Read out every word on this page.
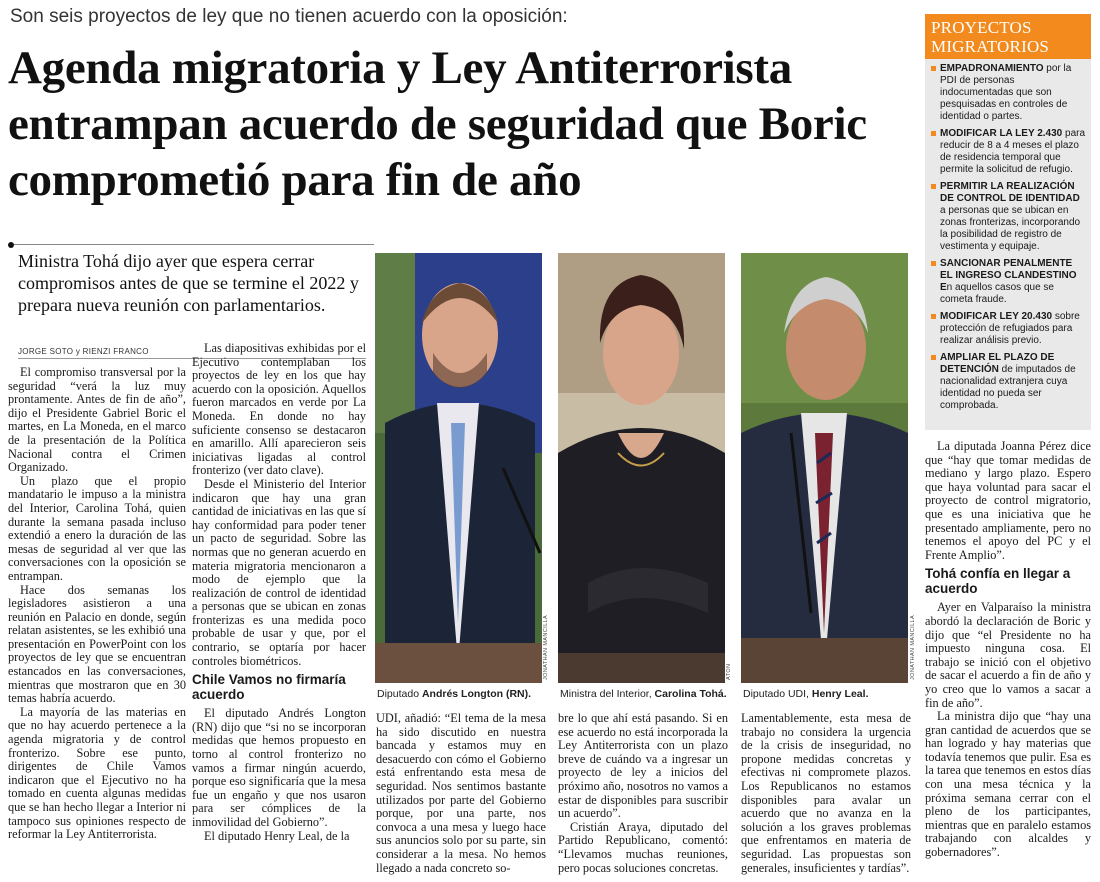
Son seis proyectos de ley que no tienen acuerdo con la oposición:
Agenda migratoria y Ley Antiterrorista entrampan acuerdo de seguridad que Boric comprometió para fin de año
PROYECTOS MIGRATORIOS
EMPADRONAMIENTO por la PDI de personas indocumentadas que son pesquisadas en controles de identidad o partes.
MODIFICAR LA LEY 2.430 para reducir de 8 a 4 meses el plazo de residencia temporal que permite la solicitud de refugio.
PERMITIR LA REALIZACIÓN DE CONTROL DE IDENTIDAD a personas que se ubican en zonas fronterizas, incorporando la posibilidad de registro de vestimenta y equipaje.
SANCIONAR PENALMENTE EL INGRESO CLANDESTINO En aquellos casos que se cometa fraude.
MODIFICAR LEY 20.430 sobre protección de refugiados para realizar análisis previo.
AMPLIAR EL PLAZO DE DETENCIÓN de imputados de nacionalidad extranjera cuya identidad no pueda ser comprobada.
Ministra Tohá dijo ayer que espera cerrar compromisos antes de que se termine el 2022 y prepara nueva reunión con parlamentarios.
JORGE SOTO y RIENZI FRANCO

El compromiso transversal por la seguridad “verá la luz muy prontamente. Antes de fin de año”, dijo el Presidente Gabriel Boric el martes, en La Moneda, en el marco de la presentación de la Política Nacional contra el Crimen Organizado.

Un plazo que el propio mandatario le impuso a la ministra del Interior, Carolina Tohá, quien durante la semana pasada incluso extendió a enero la duración de las mesas de seguridad al ver que las conversaciones con la oposición se entrampan.

Hace dos semanas los legisladores asistieron a una reunión en Palacio en donde, según relatan asistentes, se les exhibió una presentación en PowerPoint con los proyectos de ley que se encuentran estancados en las conversaciones, mientras que mostraron que en 30 temas habría acuerdo.

La mayoría de las materias en que no hay acuerdo pertenece a la agenda migratoria y de control fronterizo. Sobre ese punto, dirigentes de Chile Vamos indicaron que el Ejecutivo no ha tomado en cuenta algunas medidas que se han hecho llegar a Interior ni tampoco sus opiniones respecto de reformar la Ley Antiterrorista.

Las diapositivas exhibidas por el Ejecutivo contemplaban los proyectos de ley en los que hay acuerdo con la oposición. Aquellos fueron marcados en verde por La Moneda. En donde no hay suficiente consenso se destacaron en amarillo. Allí aparecieron seis iniciativas ligadas al control fronterizo (ver dato clave).

Desde el Ministerio del Interior indicaron que hay una gran cantidad de iniciativas en las que sí hay conformidad para poder tener un pacto de seguridad. Sobre las normas que no generan acuerdo en materia migratoria mencionaron a modo de ejemplo que la realización de control de identidad a personas que se ubican en zonas fronterizas es una medida poco probable de usar y que, por el contrario, se optaría por hacer controles biométricos.

Chile Vamos no firmaría acuerdo

El diputado Andrés Longton (RN) dijo que “si no se incorporan medidas que hemos propuesto en torno al control fronterizo no vamos a firmar ningún acuerdo, porque eso significaría que la mesa fue un engaño y que nos usaron para ser cómplices de la inmovilidad del Gobierno”.

El diputado Henry Leal, de la

JONATHAN MANCILLA
Diputado Andrés Longton (RN).
ATON
Ministra del Interior, Carolina Tohá.
JONATHAN MANCILLA
Diputado UDI, Henry Leal.

UDI, añadió: “El tema de la mesa ha sido discutido en nuestra bancada y estamos muy en desacuerdo con cómo el Gobierno está enfrentando esta mesa de seguridad. Nos sentimos bastante utilizados por parte del Gobierno porque, por una parte, nos convoca a una mesa y luego hace sus anuncios solo por su parte, sin considerar a la mesa. No hemos llegado a nada concreto so-

bre lo que ahí está pasando. Si en ese acuerdo no está incorporada la Ley Antiterrorista con un plazo breve de cuándo va a ingresar un proyecto de ley a inicios del próximo año, nosotros no vamos a estar de disponibles para suscribir un acuerdo”.

Cristián Araya, diputado del Partido Republicano, comentó: “Llevamos muchas reuniones, pero pocas soluciones concretas.

Lamentablemente, esta mesa de trabajo no considera la urgencia de la crisis de inseguridad, no propone medidas concretas y efectivas ni compromete plazos. Los Republicanos no estamos disponibles para avalar un acuerdo que no avanza en la solución a los graves problemas que enfrentamos en materia de seguridad. Las propuestas son generales, insuficientes y tardías”.

La diputada Joanna Pérez dice que “hay que tomar medidas de mediano y largo plazo. Espero que haya voluntad para sacar el proyecto de control migratorio, que es una iniciativa que he presentado ampliamente, pero no tenemos el apoyo del PC y el Frente Amplio”.

Tohá confía en llegar a acuerdo

Ayer en Valparaíso la ministra abordó la declaración de Boric y dijo que “el Presidente no ha impuesto ninguna cosa. El trabajo se inició con el objetivo de sacar el acuerdo a fin de año y yo creo que lo vamos a sacar a fin de año”.

La ministra dijo que “hay una gran cantidad de acuerdos que se han logrado y hay materias que todavía tenemos que pulir. Esa es la tarea que tenemos en estos días con una mesa técnica y la próxima semana cerrar con el pleno de los participantes, mientras que en paralelo estamos trabajando con alcaldes y gobernadores”.
